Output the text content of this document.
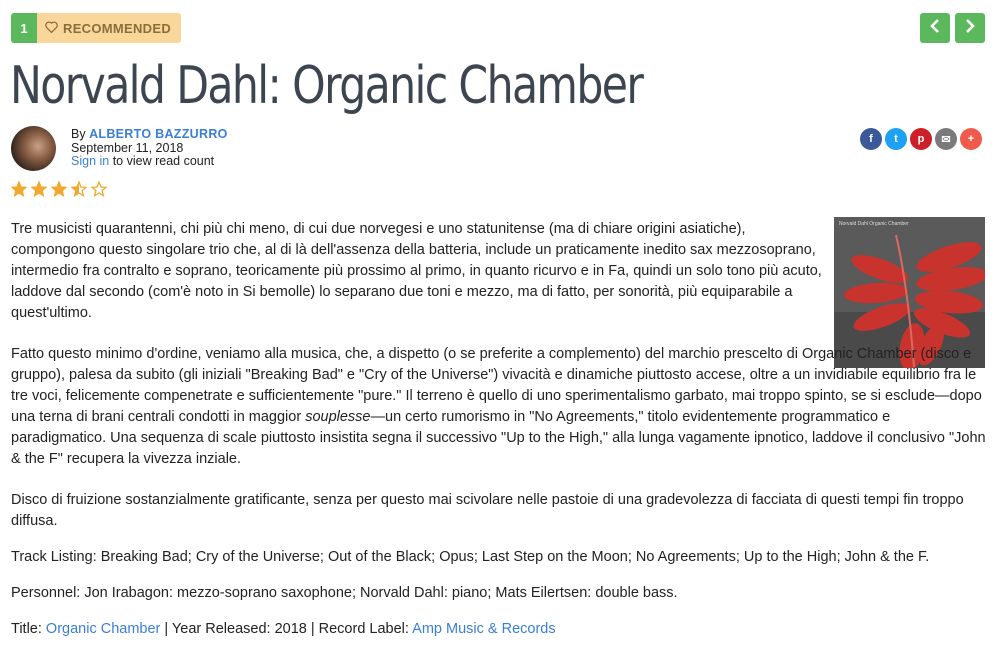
1	RECOMMENDED
Norvald Dahl: Organic Chamber
By ALBERTO BAZZURRO
September 11, 2018
Sign in to view read count
f	t	p	✉	+
Norvald Dahl Organic Chamber

Tre musicisti quarantenni, chi più chi meno, di cui due norvegesi e uno statunitense (ma di chiare origini asiatiche), compongono questo singolare trio che, al di là dell'assenza della batteria, include un praticamente inedito sax mezzosoprano, intermedio fra contralto e soprano, teoricamente più prossimo al primo, in quanto ricurvo e in Fa, quindi un solo tono più acuto, laddove dal secondo (com'è noto in Si bemolle) lo separano due toni e mezzo, ma di fatto, per sonorità, più equiparabile a quest'ultimo.

Fatto questo minimo d'ordine, veniamo alla musica, che, a dispetto (o se preferite a complemento) del marchio prescelto di Organic Chamber (disco e gruppo), palesa da subito (gli iniziali "Breaking Bad" e "Cry of the Universe") vivacità e dinamiche piuttosto accese, oltre a un invidiabile equilibrio fra le tre voci, felicemente compenetrate e sufficientemente "pure." Il terreno è quello di uno sperimentalismo garbato, mai troppo spinto, se si esclude—dopo una terna di brani centrali condotti in maggior souplesse—un certo rumorismo in "No Agreements," titolo evidentemente programmatico e paradigmatico. Una sequenza di scale piuttosto insistita segna il successivo "Up to the High," alla lunga vagamente ipnotico, laddove il conclusivo "John & the F" recupera la vivezza inziale.

Disco di fruizione sostanzialmente gratificante, senza per questo mai scivolare nelle pastoie di una gradevolezza di facciata di questi tempi fin troppo diffusa.

Track Listing: Breaking Bad; Cry of the Universe; Out of the Black; Opus; Last Step on the Moon; No Agreements; Up to the High; John & the F.

Personnel: Jon Irabagon: mezzo-soprano saxophone; Norvald Dahl: piano; Mats Eilertsen: double bass.

Title: Organic Chamber | Year Released: 2018 | Record Label: Amp Music & Records
